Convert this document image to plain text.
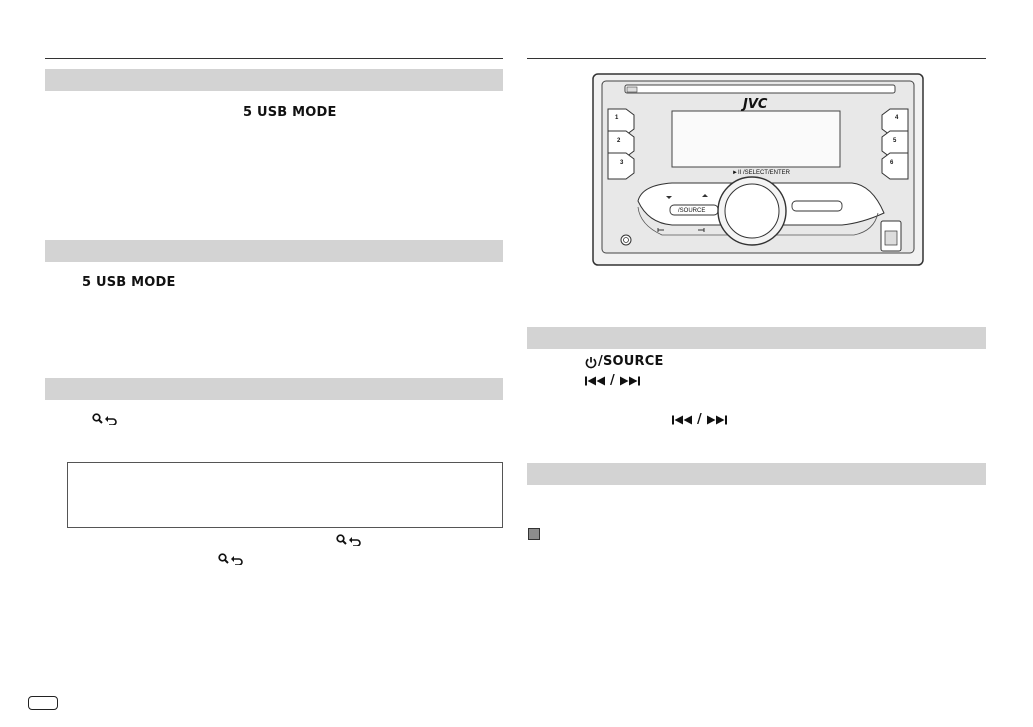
5 USB MODE
5 USB MODE
JVC
►II /SELECT/ENTER
/SOURCE
1
2
3
4
5
6
/SOURCE
/
/
